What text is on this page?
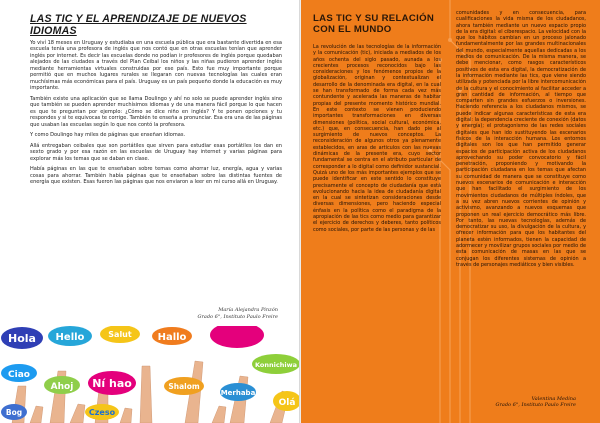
LAS TIC Y EL APRENDIZAJE DE NUEVOS IDIOMAS

Yo viví 18 meses en Uruguay y estudiaba en una escuela pública que era bastante divertida en esa escuela tenía una profesora de inglés que nos contó que en otras escuelas tenían que aprender inglés por internet. Es decir las escuelas donde no podían ir profesores de inglés porque quedaban alejados de las ciudades a través del Plan Ceibal los niños y las niñas pudieron aprender inglés mediante herramientas virtuales construidas por ese país. Esto fue muy importante porque permitió que en muchos lugares rurales se llegaran con nuevas tecnologías las cuales eran muchísimas más económicas para el país. Uruguay es un país pequeño donde la educación es muy importante.

También existe una aplicación que se llama Doulingo y ahí no solo se puede aprender inglés sino que también se pueden aprender muchísimos idiomas y de una manera fácil porque lo que hacen es que te preguntan por ejemplo: ¿Cómo se dice niño en inglés? Y te ponen opciones y tu respondes y si te equivocas te corrige. También te enseña a pronunciar. Esa era una de las páginas que usaban las escuelas según lo que nos contó la profesora.

Y como Doulingo hay miles de páginas que enseñan idiomas.

Allá entregaban ceibales que son portátiles que sirven para estudiar esas portátiles los dan en sexto grado y por esa razón en las escuelas de Uruguay hay internet y varias páginas para explorar más los temas que se daban en clase.

Había páginas en las que te enseñaban sobre temas como ahorrar luz, energía, agua y varias cosas para ahorrar. También había páginas que te enseñaban sobre las distintas fuentes de energía que existen. Esas fueron las páginas que nos enviaron a leer en mi curso allá en Uruguay.

María Alejandra Pinzón
Grado 6°, Instituto Paulo Freire
Hola Hello	Salut	Hallo
Konnichiwa
Ciao
Ahoj Ní hao	Shalom
Merhaba
Olá
Bog	Czeso
LAS TIC Y SU RELACIÓN
CON EL MUNDO

La revolución de las tecnologías de la información y la comunicación (tic), iniciada a mediados de los años ochenta del siglo pasado, aunada a los crecientes procesos reconocidos bajo las consideraciones y los fenómenos propios de la globalización, originan y contextualizan el desarrollo de la denominada era digital, en la cual se han transformado de forma cada vez más contundente y acelerada las maneras de habitar propias del presente momento histórico mundial. En este contexto se vienen produciendo importantes transformaciones en diversas dimensiones (política, social cultural, económica, etc.) que, en consecuencia, han dado pie al surgimiento de nuevos conceptos. La reconsideración de algunos otros ya plenamente establecidos, en aras de articulos con las nuevas dinámicas de la presente era, cuyo sector fundamental se centra en el atributo particular de corresponder a lo digital como definidor sustancial. Quizá uno de los más importantes ejemplos que se puede identificar en este sentido lo constituye precisamente el concepto de ciudadanía que está evolucionando hacia la idea de ciudadanía digital en la cual se sintetizan consideraciones desde diversas dimensiones, pero haciendo especial énfasis en la política como el paradigma de la apropiación de las tics como medio para garantizar el ejercicio de derechos y deberes, tanto políticos como sociales, por parte de las personas y de las

comunidades y en consecuencia, para cualificaciones la vida misma de los ciudadanos, ahora también mediante un nuevo espacio propio de la era digital: el ciberespacio. La velocidad con la que los hábitos cambian en un proceso jalonado fundamentalmente por las grandes multinacionales del mundo, especialmente aquellas dedicadas a los medios de comunicación. De la misma manera, se debe mencionar, como rasgos característicos positivos de esta era digital, la democratización de la información mediante las tics, que viene siendo utilizada y potenciada por la libre intercomunicación de la cultura y el conocimiento al facilitar acceder a gran cantidad de información, al tiempo que comparten sin grandes esfuerzos o inversiones. Haciendo referencia a los ciudadanos mismos, se puede indicar algunas características de esta era digital: la dependencia creciente de conexión (datos y energía); el protagonismo de las redes sociales digitales que han ido sustituyendo las escenarios físicos de la interacción humana. Los entornos digitales son los que han permitido generar espacios de participación activa de los ciudadanos aprovechando su poder convocatorio y fácil penetración, proponiendo y motivando la participación ciudadana en los temas que afectan su comunidad de manera que se constituye como nuevos escenarios de comunicación e interacción que han facilitado el surgimiento de los movimientos ciudadanos de múltiples índoles, que a su vez abren nuevos corrientes de opinión y activismo, avanzando a nuevos esquemas que proponen un real ejercicio democrático más libre. Por tanto, las nuevas tecnologías, además de democratizar su uso, la divulgación de la cultura, y ofrecer información para que los habitantes del planeta estén informados, tienen la capacidad de adormecer y movilizar grupos sociales por medio de esta comunicación de masas en las que se conjugan los diferentes sistemas de opinión a través de personajes mediáticos y bien visibles.

Valentina Medina
Grado 6°, Instituto Paulo Freire
